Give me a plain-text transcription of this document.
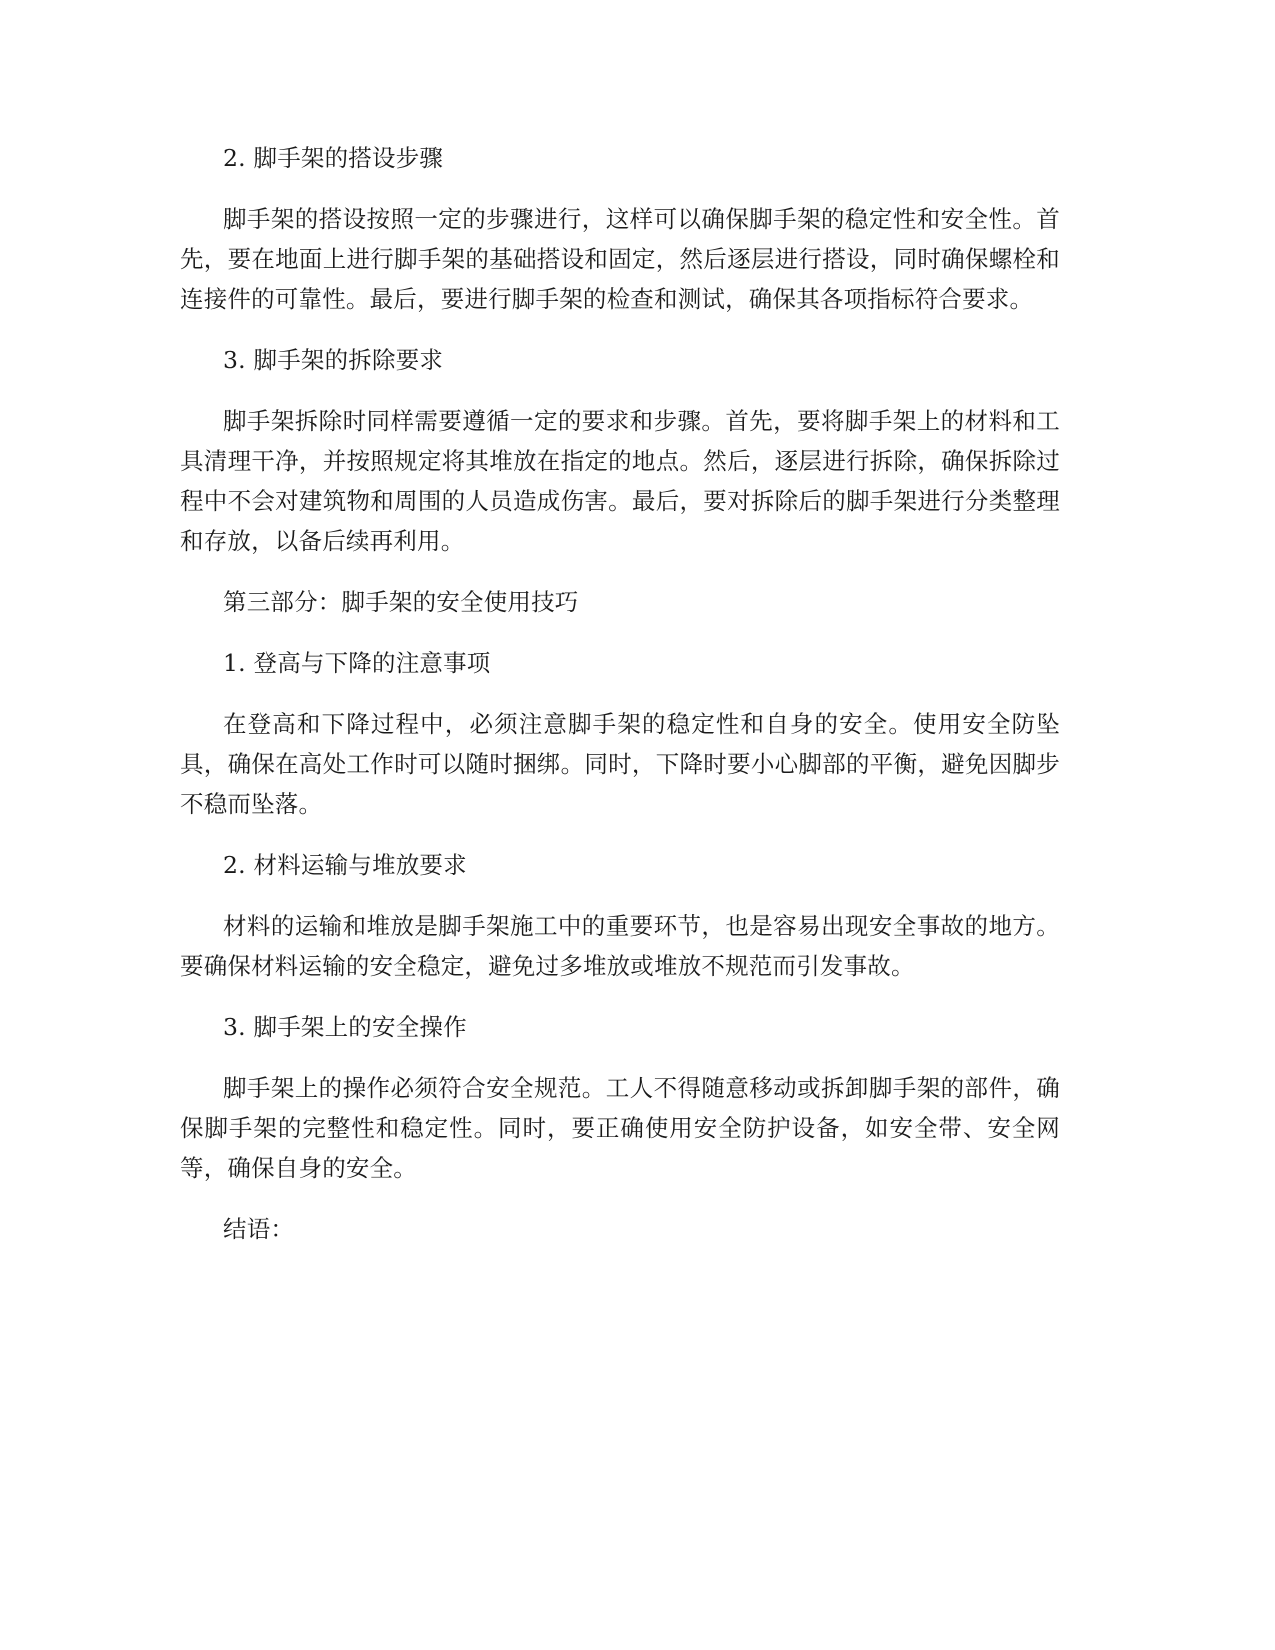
2. 脚手架的搭设步骤

脚手架的搭设按照一定的步骤进行，这样可以确保脚手架的稳定性和安全性。首先，要在地面上进行脚手架的基础搭设和固定，然后逐层进行搭设，同时确保螺栓和连接件的可靠性。最后，要进行脚手架的检查和测试，确保其各项指标符合要求。

3. 脚手架的拆除要求

脚手架拆除时同样需要遵循一定的要求和步骤。首先，要将脚手架上的材料和工具清理干净，并按照规定将其堆放在指定的地点。然后，逐层进行拆除，确保拆除过程中不会对建筑物和周围的人员造成伤害。最后，要对拆除后的脚手架进行分类整理和存放，以备后续再利用。

第三部分：脚手架的安全使用技巧

1. 登高与下降的注意事项

在登高和下降过程中，必须注意脚手架的稳定性和自身的安全。使用安全防坠具，确保在高处工作时可以随时捆绑。同时，下降时要小心脚部的平衡，避免因脚步不稳而坠落。

2. 材料运输与堆放要求

材料的运输和堆放是脚手架施工中的重要环节，也是容易出现安全事故的地方。要确保材料运输的安全稳定，避免过多堆放或堆放不规范而引发事故。

3. 脚手架上的安全操作

脚手架上的操作必须符合安全规范。工人不得随意移动或拆卸脚手架的部件，确保脚手架的完整性和稳定性。同时，要正确使用安全防护设备，如安全带、安全网等，确保自身的安全。

结语：
